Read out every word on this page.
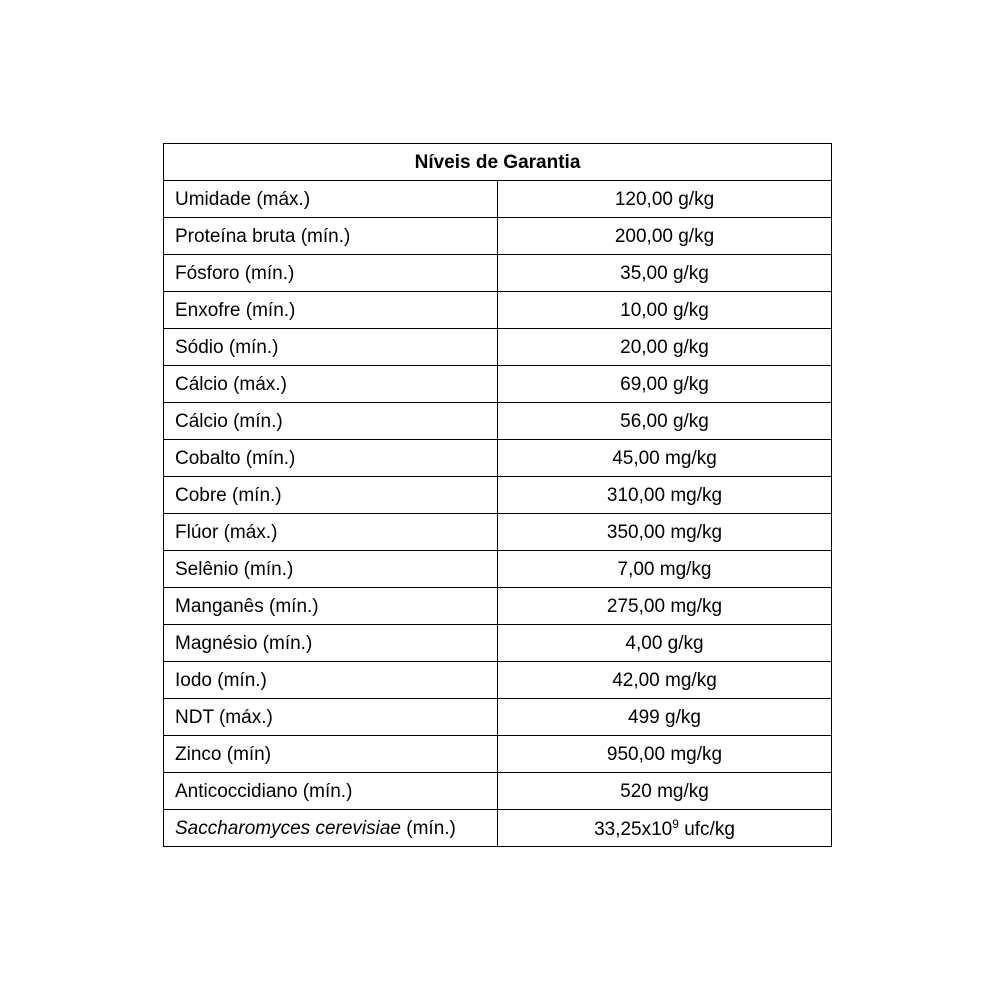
Níveis de Garantia	
Umidade (máx.)	120,00 g/kg
Proteína bruta (mín.)	200,00 g/kg
Fósforo (mín.)	35,00 g/kg
Enxofre (mín.)	10,00 g/kg
Sódio (mín.)	20,00 g/kg
Cálcio (máx.)	69,00 g/kg
Cálcio (mín.)	56,00 g/kg
Cobalto (mín.)	45,00 mg/kg
Cobre (mín.)	310,00 mg/kg
Flúor (máx.)	350,00 mg/kg
Selênio (mín.)	7,00 mg/kg
Manganês (mín.)	275,00 mg/kg
Magnésio (mín.)	4,00 g/kg
Iodo (mín.)	42,00 mg/kg
NDT (máx.)	499 g/kg
Zinco (mín)	950,00 mg/kg
Anticoccidiano (mín.)	520 mg/kg
Saccharomyces cerevisiae (mín.)	$33,25x10^9$ ufc/kg
